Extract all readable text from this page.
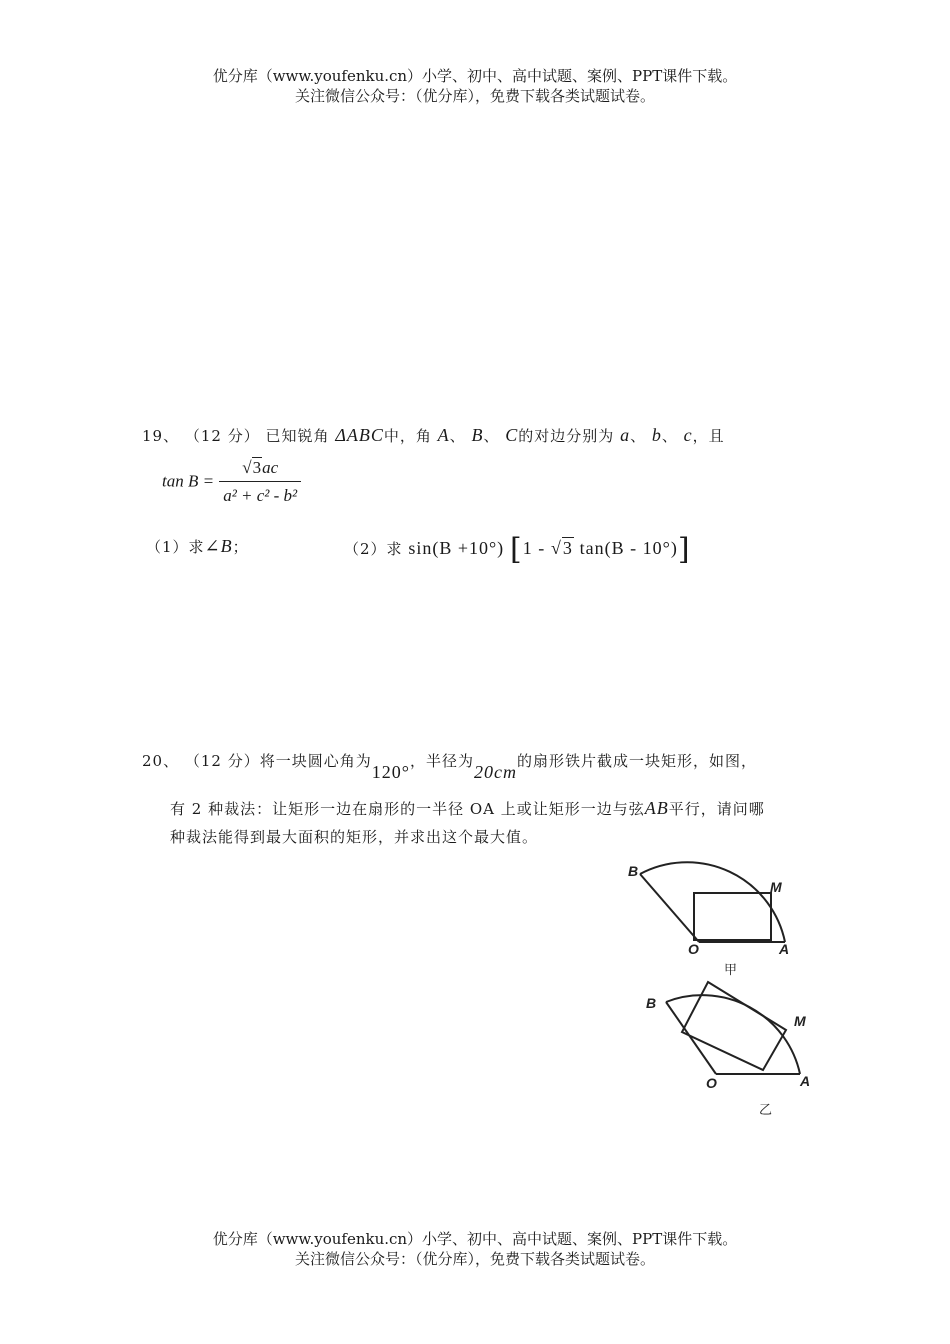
优分库（www.youfenku.cn）小学、初中、高中试题、案例、PPT课件下载。
关注微信公众号：（优分库），免费下载各类试题试卷。
19、 （12 分） 已知锐角 ΔABC中，角 A、 B、 C的对边分别为 a、 b、 c，且
$\tan B = \frac{√3ac}{\text{a² + c² - b²}}$
（1）求∠B；	（2）求 sin(B +10°) [1 - √3 tan(B - 10°)]
20、 （12 分）将一块圆心角为120°，半径为20cm的扇形铁片截成一块矩形，如图，
有 2 种裁法：让矩形一边在扇形的一半径 OA 上或让矩形一边与弦AB平行，请问哪
种裁法能得到最大面积的矩形，并求出这个最大值。
B
M
O	A
甲
B
M
O	A
乙
优分库（www.youfenku.cn）小学、初中、高中试题、案例、PPT课件下载。
关注微信公众号：（优分库），免费下载各类试题试卷。
